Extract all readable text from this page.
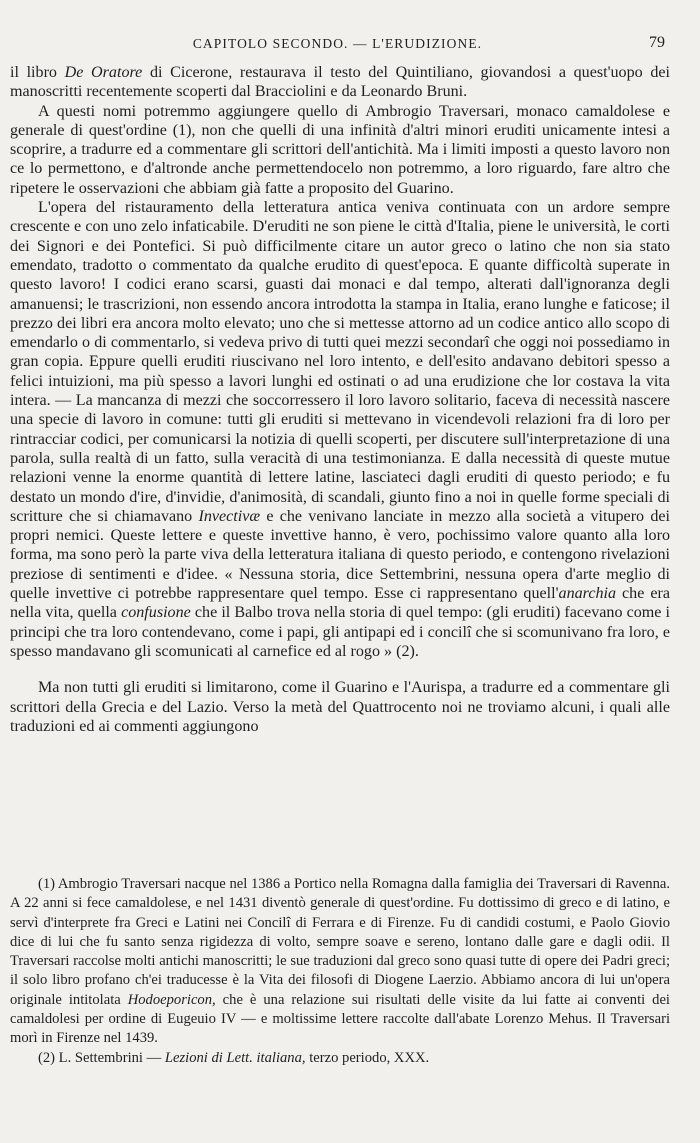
CAPITOLO SECONDO. — L'ERUDIZIONE.	79

il libro De Oratore di Cicerone, restaurava il testo del Quintiliano, giovandosi a quest'uopo dei manoscritti recentemente scoperti dal Bracciolini e da Leonardo Bruni.

A questi nomi potremmo aggiungere quello di Ambrogio Traversari, monaco camaldolese e generale di quest'ordine (1), non che quelli di una infinità d'altri minori eruditi unicamente intesi a scoprire, a tradurre ed a commentare gli scrittori dell'antichità. Ma i limiti imposti a questo lavoro non ce lo permettono, e d'altronde anche permettendocelo non potremmo, a loro riguardo, fare altro che ripetere le osservazioni che abbiam già fatte a proposito del Guarino.

L'opera del ristauramento della letteratura antica veniva continuata con un ardore sempre crescente e con uno zelo infaticabile. D'eruditi ne son piene le città d'Italia, piene le università, le corti dei Signori e dei Pontefici. Si può difficilmente citare un autor greco o latino che non sia stato emendato, tradotto o commentato da qualche erudito di quest'epoca. E quante difficoltà superate in questo lavoro! I codici erano scarsi, guasti dai monaci e dal tempo, alterati dall'ignoranza degli amanuensi; le trascrizioni, non essendo ancora introdotta la stampa in Italia, erano lunghe e faticose; il prezzo dei libri era ancora molto elevato; uno che si mettesse attorno ad un codice antico allo scopo di emendarlo o di commentarlo, si vedeva privo di tutti quei mezzi secondarî che oggi noi possediamo in gran copia. Eppure quelli eruditi riuscivano nel loro intento, e dell'esito andavano debitori spesso a felici intuizioni, ma più spesso a lavori lunghi ed ostinati o ad una erudizione che lor costava la vita intera. — La mancanza di mezzi che soccorressero il loro lavoro solitario, faceva di necessità nascere una specie di lavoro in comune: tutti gli eruditi si mettevano in vicendevoli relazioni fra di loro per rintracciar codici, per comunicarsi la notizia di quelli scoperti, per discutere sull'interpretazione di una parola, sulla realtà di un fatto, sulla veracità di una testimonianza. E dalla necessità di queste mutue relazioni venne la enorme quantità di lettere latine, lasciateci dagli eruditi di questo periodo; e fu destato un mondo d'ire, d'invidie, d'animosità, di scandali, giunto fino a noi in quelle forme speciali di scritture che si chiamavano Invectivæ e che venivano lanciate in mezzo alla società a vitupero dei propri nemici. Queste lettere e queste invettive hanno, è vero, pochissimo valore quanto alla loro forma, ma sono però la parte viva della letteratura italiana di questo periodo, e contengono rivelazioni preziose di sentimenti e d'idee. « Nessuna storia, dice Settembrini, nessuna opera d'arte meglio di quelle invettive ci potrebbe rappresentare quel tempo. Esse ci rappresentano quell'anarchia che era nella vita, quella confusione che il Balbo trova nella storia di quel tempo: (gli eruditi) facevano come i principi che tra loro contendevano, come i papi, gli antipapi ed i concilî che si scomunivano fra loro, e spesso mandavano gli scomunicati al carnefice ed al rogo » (2).

Ma non tutti gli eruditi si limitarono, come il Guarino e l'Aurispa, a tradurre ed a commentare gli scrittori della Grecia e del Lazio. Verso la metà del Quattrocento noi ne troviamo alcuni, i quali alle traduzioni ed ai commenti aggiungono

(1) Ambrogio Traversari nacque nel 1386 a Portico nella Romagna dalla famiglia dei Traversari di Ravenna. A 22 anni si fece camaldolese, e nel 1431 diventò generale di quest'ordine. Fu dottissimo di greco e di latino, e servì d'interprete fra Greci e Latini nei Concilî di Ferrara e di Firenze. Fu di candidi costumi, e Paolo Giovio dice di lui che fu santo senza rigidezza di volto, sempre soave e sereno, lontano dalle gare e dagli odii. Il Traversari raccolse molti antichi manoscritti; le sue traduzioni dal greco sono quasi tutte di opere dei Padri greci; il solo libro profano ch'ei traducesse è la Vita dei filosofi di Diogene Laerzio. Abbiamo ancora di lui un'opera originale intitolata Hodoeporicon, che è una relazione sui risultati delle visite da lui fatte ai conventi dei camaldolesi per ordine di Eugeuio IV — e moltissime lettere raccolte dall'abate Lorenzo Mehus. Il Traversari morì in Firenze nel 1439.

(2) L. Settembrini — Lezioni di Lett. italiana, terzo periodo, XXX.
